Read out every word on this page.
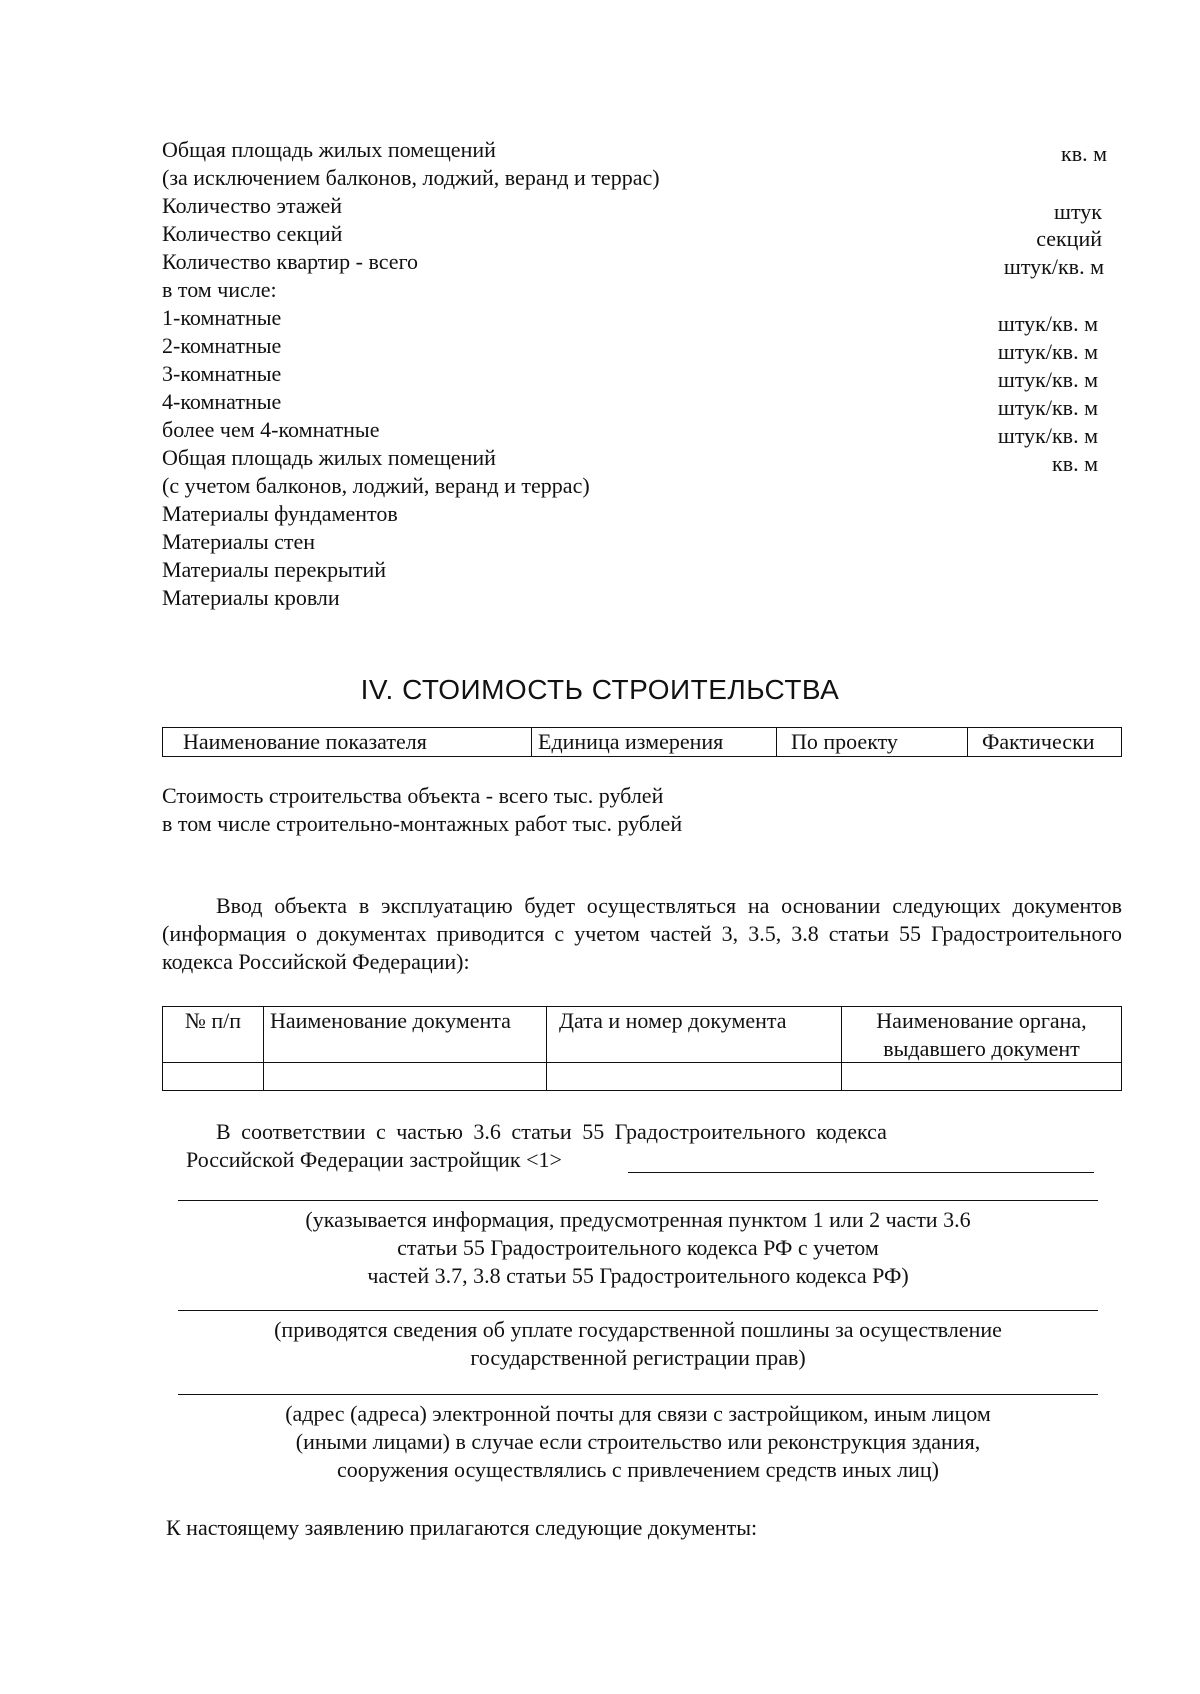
Общая площадь жилых помещений	кв. м
(за исключением балконов, лоджий, веранд и террас)
Количество этажей	штук
Количество секций	секций
Количество квартир - всего	штук/кв. м
в том числе:
1-комнатные	штук/кв. м
2-комнатные	штук/кв. м
3-комнатные	штук/кв. м
4-комнатные	штук/кв. м
более чем 4-комнатные	штук/кв. м
Общая площадь жилых помещений	кв. м
(с учетом балконов, лоджий, веранд и террас)
Материалы фундаментов
Материалы стен
Материалы перекрытий
Материалы кровли
IV. СТОИМОСТЬ СТРОИТЕЛЬСТВА
Наименование показателя	Единица измерения	По проекту	Фактически
Стоимость строительства объекта - всего тыс. рублей
в том числе строительно-монтажных работ тыс. рублей
Ввод объекта в эксплуатацию будет осуществляться на основании следующих документов (информация о документах приводится с учетом частей 3, 3.5, 3.8 статьи 55 Градостроительного кодекса Российской Федерации):
№ п/п	Наименование документа	Дата и номер документа	Наименование органа, выдавшего документ

В соответствии с частью 3.6 статьи 55 Градостроительного кодекса
Российской Федерации застройщик <1>
(указывается информация, предусмотренная пунктом 1 или 2 части 3.6
статьи 55 Градостроительного кодекса РФ с учетом
частей 3.7, 3.8 статьи 55 Градостроительного кодекса РФ)
(приводятся сведения об уплате государственной пошлины за осуществление
государственной регистрации прав)
(адрес (адреса) электронной почты для связи с застройщиком, иным лицом
(иными лицами) в случае если строительство или реконструкция здания,
сооружения осуществлялись с привлечением средств иных лиц)
К настоящему заявлению прилагаются следующие документы:
